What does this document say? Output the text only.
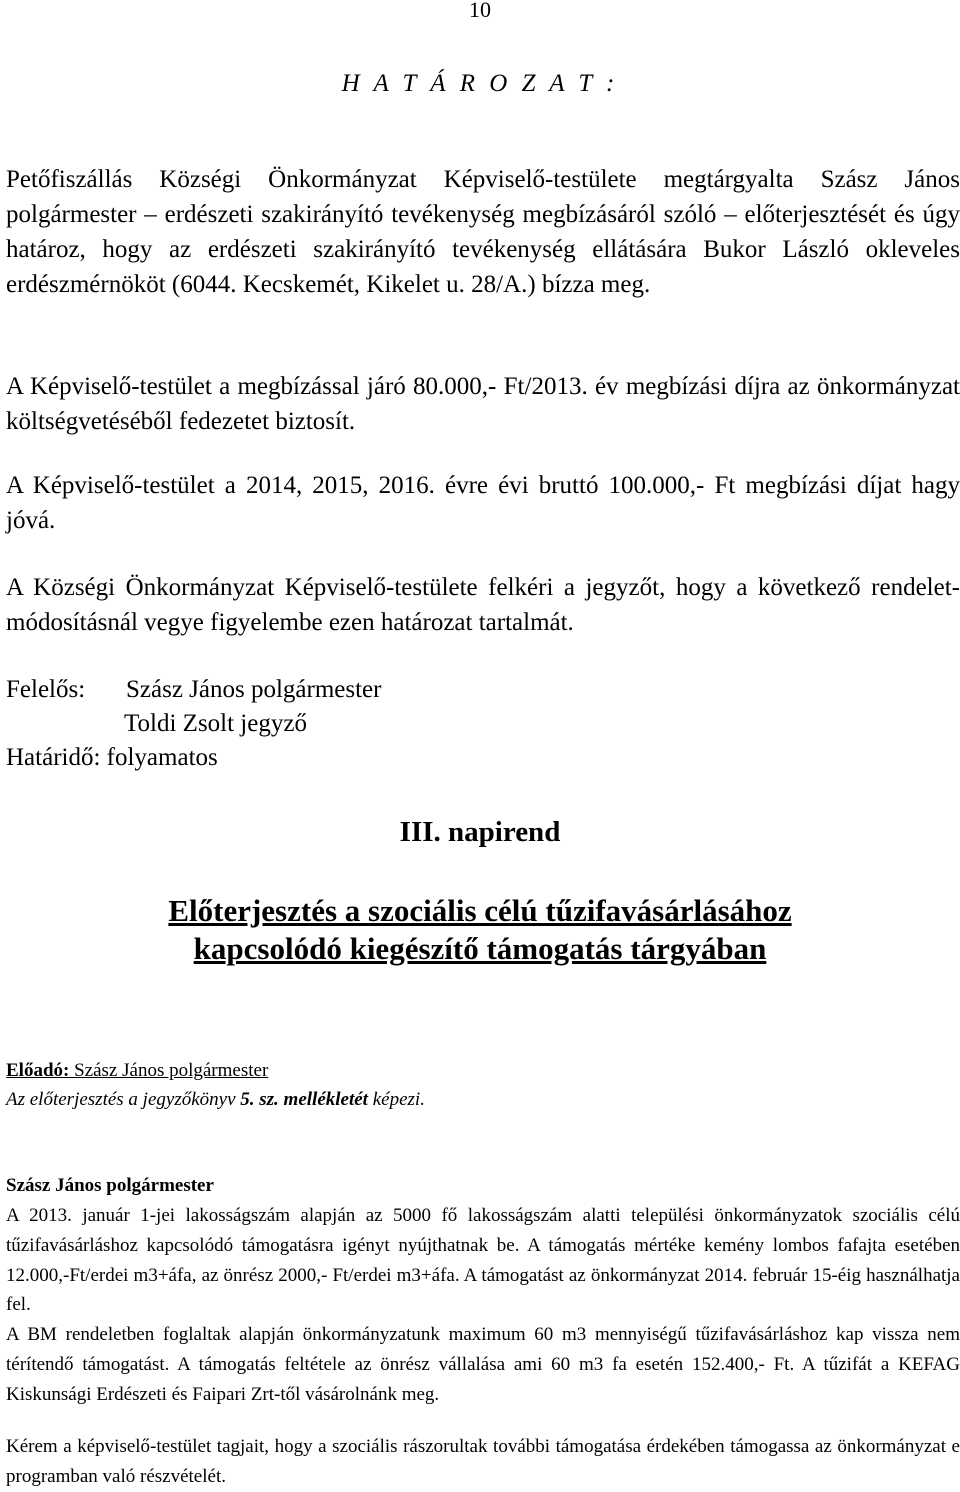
10
H A T Á R O Z A T :

Petőfiszállás Községi Önkormányzat Képviselő-testülete megtárgyalta Szász János polgármester – erdészeti szakirányító tevékenység megbízásáról szóló – előterjesztését és úgy határoz, hogy az erdészeti szakirányító tevékenység ellátására Bukor László okleveles erdészmérnököt (6044. Kecskemét, Kikelet u. 28/A.) bízza meg.

A Képviselő-testület a megbízással járó 80.000,- Ft/2013. év megbízási díjra az önkormányzat költségvetéséből fedezetet biztosít.

A Képviselő-testület a 2014, 2015, 2016. évre évi bruttó 100.000,- Ft megbízási díjat hagy jóvá.

A Községi Önkormányzat Képviselő-testülete felkéri a jegyzőt, hogy a következő rendelet-módosításnál vegye figyelembe ezen határozat tartalmát.

Felelős: Szász János polgármester
Toldi Zsolt jegyző
Határidő: folyamatos
III. napirend
Előterjesztés a szociális célú tűzifavásárlásához
kapcsolódó kiegészítő támogatás tárgyában
Előadó: Szász János polgármester
Az előterjesztés a jegyzőkönyv 5. sz. mellékletét képezi.
Szász János polgármester

A 2013. január 1-jei lakosságszám alapján az 5000 fő lakosságszám alatti települési önkormányzatok szociális célú tűzifavásárláshoz kapcsolódó támogatásra igényt nyújthatnak be. A támogatás mértéke kemény lombos fafajta esetében 12.000,-Ft/erdei m3+áfa, az önrész 2000,- Ft/erdei m3+áfa. A támogatást az önkormányzat 2014. február 15-éig használhatja fel.

A BM rendeletben foglaltak alapján önkormányzatunk maximum 60 m3 mennyiségű tűzifavásárláshoz kap vissza nem térítendő támogatást. A támogatás feltétele az önrész vállalása ami 60 m3 fa esetén 152.400,- Ft. A tűzifát a KEFAG Kiskunsági Erdészeti és Faipari Zrt-től vásárolnánk meg.

Kérem a képviselő-testület tagjait, hogy a szociális rászorultak további támogatása érdekében támogassa az önkormányzat e programban való részvételét.
